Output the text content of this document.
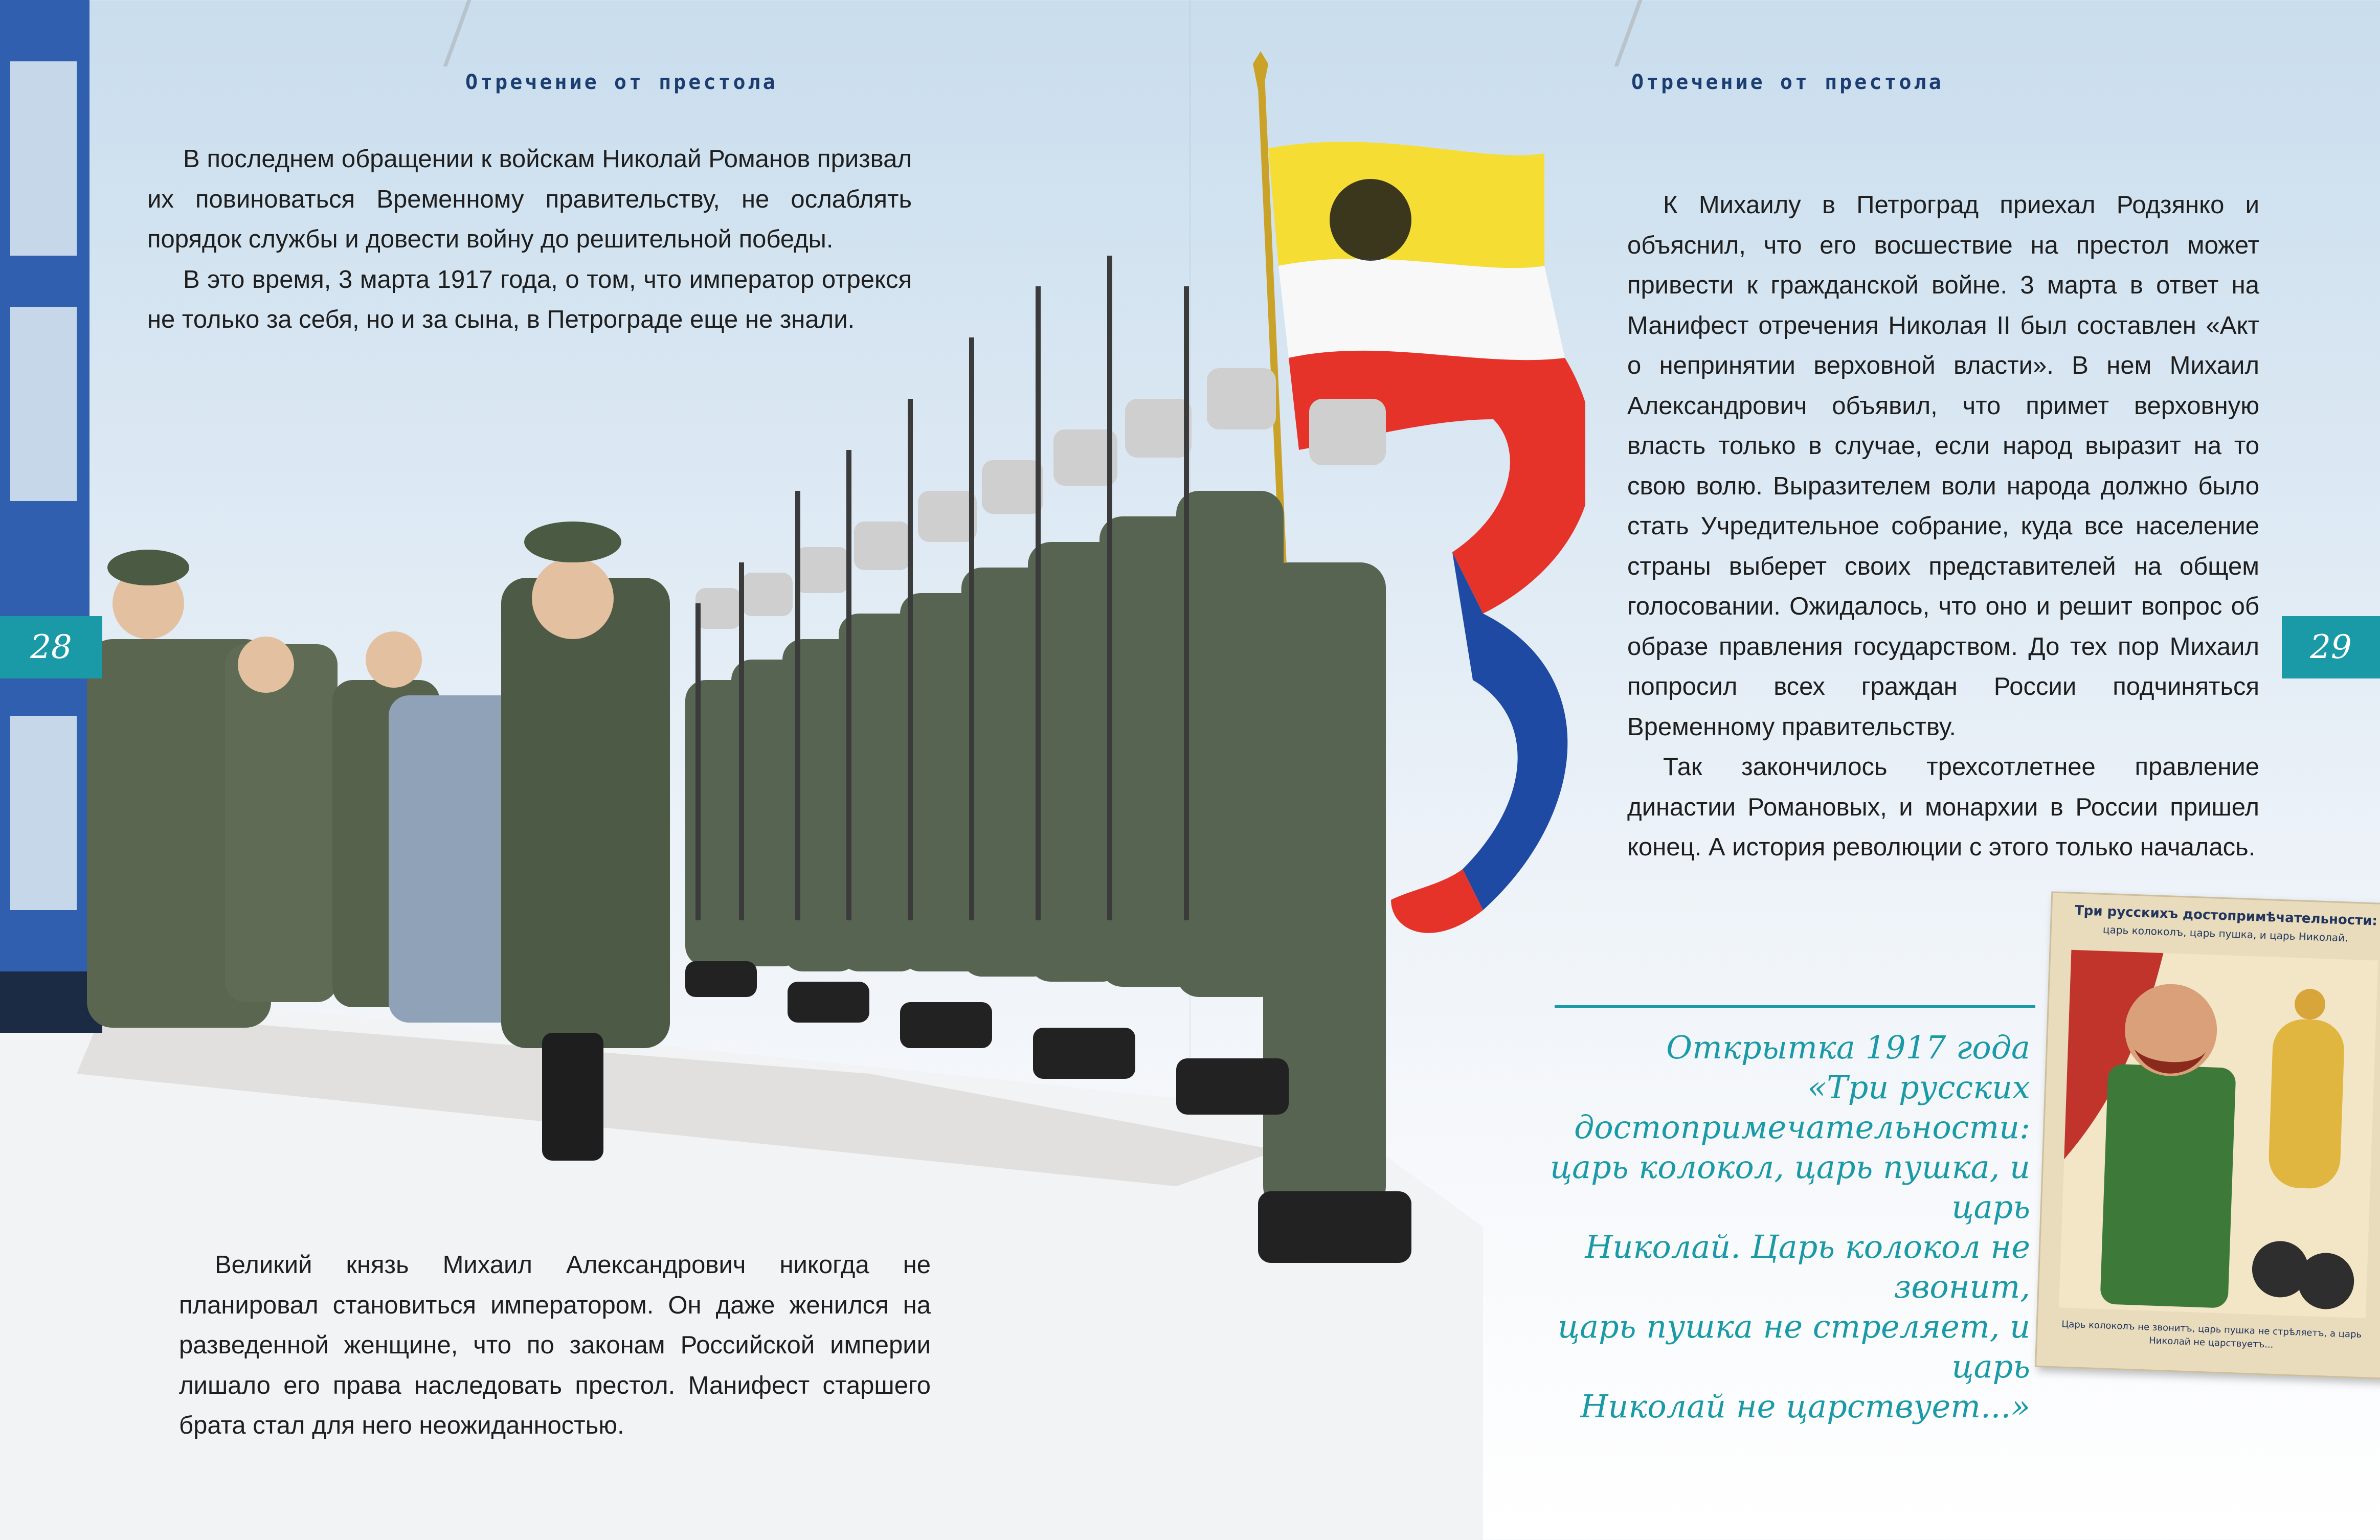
Отречение от престола	Отречение от престола
28	29

В последнем обращении к войскам Николай Романов призвал их повиноваться Временному правительству, не ослаблять порядок службы и довести войну до решительной победы.

В это время, 3 марта 1917 года, о том, что император отрекся не только за себя, но и за сына, в Петрограде еще не знали.

Великий князь Михаил Александрович никогда не планировал становиться императором. Он даже женился на разведенной женщине, что по законам Российской империи лишало его права наследовать престол. Манифест старшего брата стал для него неожиданностью.

К Михаилу в Петроград приехал Родзянко и объяснил, что его восшествие на престол может привести к гражданской войне. 3 марта в ответ на Манифест отречения Николая II был составлен «Акт о непринятии верховной власти». В нем Михаил Александрович объявил, что примет верховную власть только в случае, если народ выразит на то свою волю. Выразителем воли народа должно было стать Учредительное собрание, куда все население страны выберет своих представителей на общем голосовании. Ожидалось, что оно и решит вопрос об образе правления государством. До тех пор Михаил попросил всех граждан России подчиняться Временному правительству.

Так закончилось трехсотлетнее правление династии Романовых, и монархии в России пришел конец. А история революции с этого только началась.

Открытка 1917 года
«Три русских достопримечательности:
царь колокол, царь пушка, и царь
Николай. Царь колокол не звонит,
царь пушка не стреляет, и царь
Николай не царствует...»
Три русскихъ достопримѣчательности:
царь колоколъ, царь пушка, и царь Николай.
Царь колоколъ не звонитъ, царь пушка не стрѣляетъ, а царь Николай не царствуетъ...
